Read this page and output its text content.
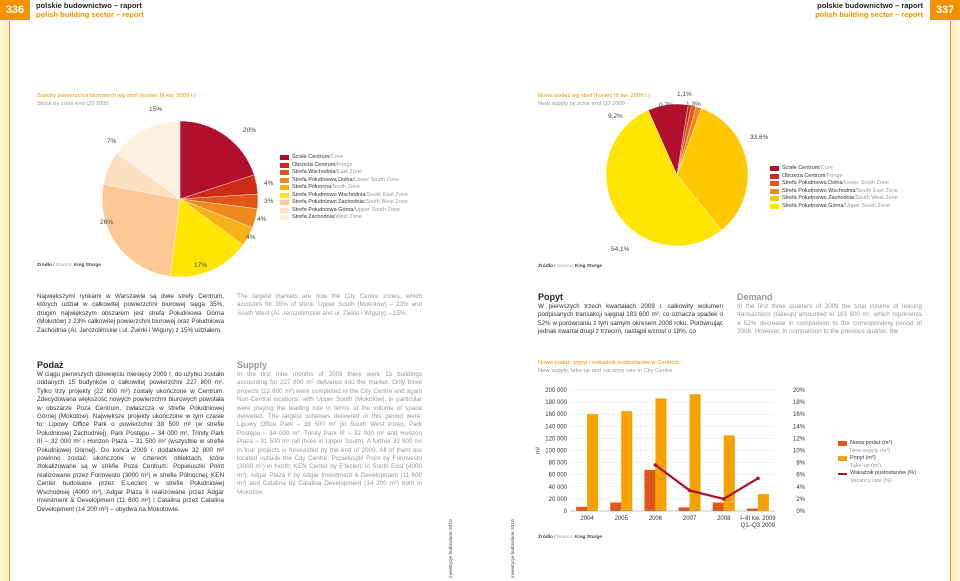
336	polskie budownictwo – raport
polish building sector – report
polskie budownictwo – raport
polish building sector – report	337
Zasoby powierzchni biurowych wg stref (koniec III kw. 2009 r.)
Stock by zone end Q3 2009
15%
7%
20%
4%
3%
4%
4%
17%
26%
Ścisłe Centrum / Core
Obrzeża Centrum / Fringe
Strefa Wschodnia / East Zone
Strefa Południowa Dolna / Lower South Zone
Strefa Północna / North Zone
Strefa Południowo Wschodnia / South East Zone
Strefa Południowo Zachodnia / South West Zone
Strefa Południowa Górna / Upper South Zone
Strefa Zachodnia / West Zone
Źródło / Source: King Sturge
Nowa podaż wg stref (koniec III kw. 2009 r.)
New supply by zone end Q3 2009
9,2%
0,7%
1,1%
1,3%
33,6%
54,1%
Ścisłe Centrum / Core
Obrzeża Centrum / Fringe
Strefa Południowa Dolna / Lower South Zone
Strefa Południowo Wschodnia / South East Zone
Strefa Południowo Zachodnia / South West Zone
Strefa Południowa Górna / Upper South Zone
Źródło / Source: King Sturge
Największymi rynkami w Warszawie są dwie strefy Centrum, których udział w całkowitej powierzchni biurowej sięga 35%, drugim największym obszarem jest strefa Południowa Górna (Mokotów) z 23% całkowitej powierzchni biurowej oraz Południowa Zachodnia (Al. Jerozolimskie i ul. Żwirki i Wigury) z 15% udziałem.
The largest markets are now the City Centre zones, which accounts for 35% of stock. Upper South (Mokotów) – 23% and South West (Al. Jerozolimskie and ul. Żwirki i Wigury) – 15%.
Podaż
W ciągu pierwszych dziewięciu miesięcy 2009 r. do użytku zostało oddanych 15 budynków o całkowitej powierzchni 227 800 m². Tylko trzy projekty (22 600 m²) zostały ukończone w Centrum. Zdecydowana większość nowych powierzchni biurowych powstała w obszarze Poza Centrum, zwłaszcza w strefie Południowej Górnej (Mokotów). Największe projekty ukończone w tym czasie to: Lipowy Office Park o powierzchni 38 500 m² (w strefie Południowej Zachodniej), Park Postępu – 34 000 m², Trinity Park III – 32 000 m² i Horizon Plaza – 31 500 m² (wszystkie w strefie Południowej Górnej). Do końca 2009 r. dodatkowe 32 800 m² powinno zostać ukończone w czterech obiektach, które zlokalizowane są w strefie Poza Centrum: Popieluszki Point realizowane przez Forinvesto (3000 m²) w strefie Północnej, KEN Center budowane przez E.Leclerc w strefie Południowej Wschodniej (4000 m²), Adgar Plaza II realizowane przez Adgar Investment & Development (11 600 m²) i Catalina przez Catalina Development (14 200 m²) – obydwa na Mokotowie.
Supply
In the first nine months of 2009 there were 15 buildings accounting for 227 800 m² delivered into the market. Only three projects (22 600 m²) were completed in the City Centre and again Non-Central locations, with Upper South (Mokotów), in particular were playing the leading role in terms of the volume of space delivered. The largest schemes delivered in this period were: Lipowy Office Park – 38 500 m² (in South West zone), Park Postępu – 34 000 m², Trinity Park III – 32 000 m² and Horizon Plaza – 31 500 m² (all three in Upper South). A further 32 800 m² in four projects is forecasted by the end of 2009. All of them are located outside the City Centre: Popieluszki Point by Forinvesto (3000 m²) in North; KEN Center by E'leclerc in South East (4000 m²); Adgar Plaza II by Adgar Investment & Development (11 600 m²) and Catalina by Catalina Development (14 200 m²) both in Mokotów.
Popyt
W pierwszych trzech kwartałach 2009 r. całkowity wolumen podpisanych transakcji sięgnął 183 600 m², co oznacza spadek o 52% w porównaniu z tym samym okresem 2008 roku. Porównując jednak kwartał drugi z trzecim, nastąpił wzrost o 18%, co
Demand
In the first three quarters of 2009 the total volume of leasing transactions (takeup) amounted to 183 600 m², which represents a 52% decrease in comparison to the corresponding period of 2008. However, in comparison to the previous quarter, the
inwestycje budowlane 2010	inwestycje budowlane 2010
Nowa podaż, popyt i wskaźnik pustostanów w Centrum
New supply, take-up and vacancy rate in City Centre
0
20 000
40 000
60 000
80 000
100 000
120 000
140 000
160 000
180 000
200 000
0%
2%
4%
6%
8%
10%
12%
14%
16%
18%
20%
m²
2004	2005	2006	2007	2008 I–III kw. 2009
Q1–Q3 2009
Źródło / Source: King Sturge
Nowa podaż (m²)
New supply (m²)
Popyt (m²)
Take-up (m²)
Wskaźnik pustostanów (%)
Vacancy rate (%)
